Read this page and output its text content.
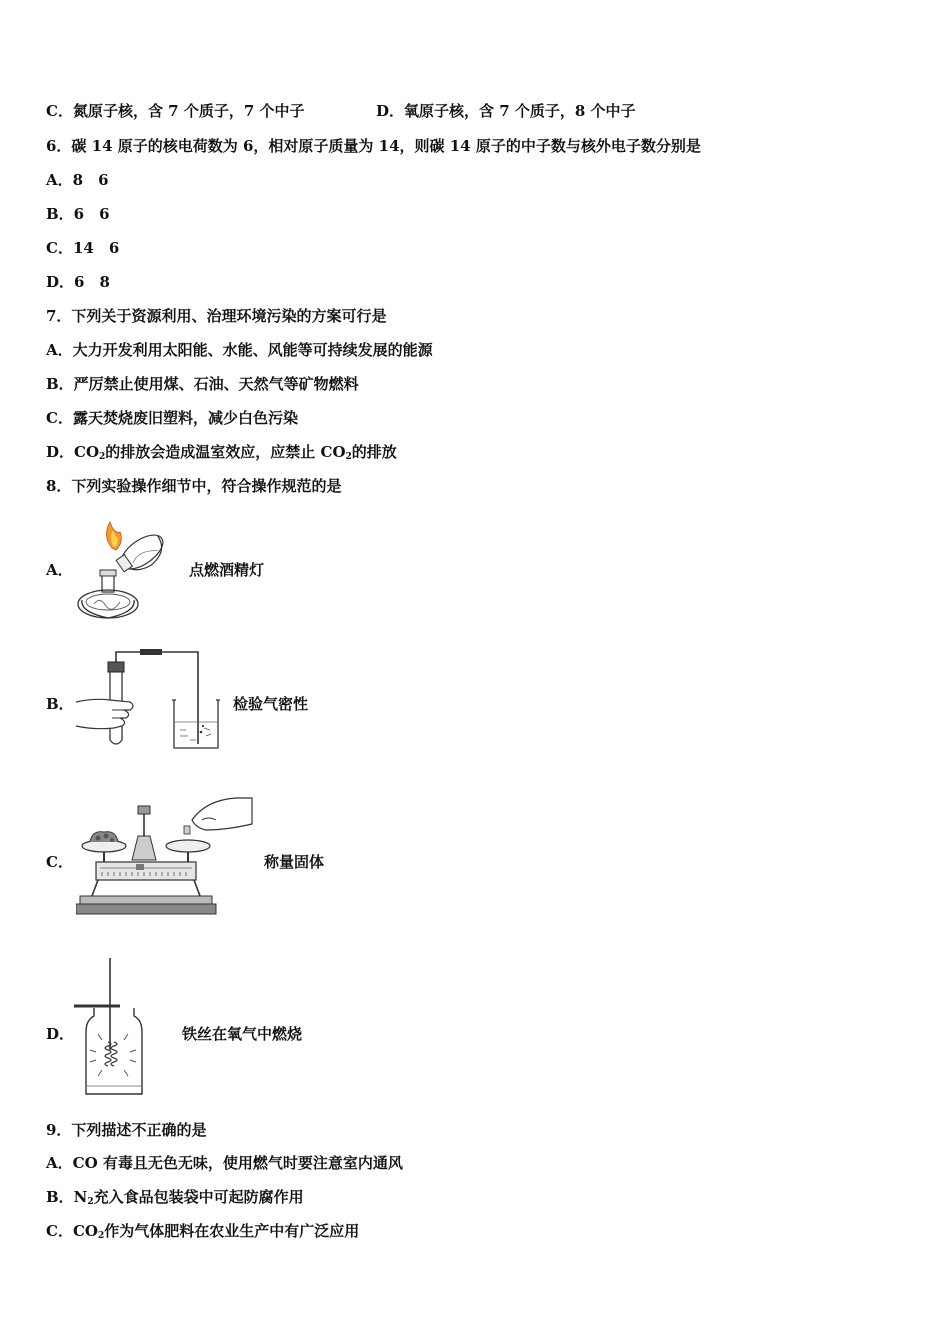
C．氮原子核，含 7 个质子，7 个中子	D．氧原子核，含 7 个质子，8 个中子
6．碳 14 原子的核电荷数为 6，相对原子质量为 14，则碳 14 原子的中子数与核外电子数分别是
A．8　6
B．6　6
C．14　6
D．6　8
7．下列关于资源利用、治理环境污染的方案可行是
A．大力开发利用太阳能、水能、风能等可持续发展的能源
B．严厉禁止使用煤、石油、天然气等矿物燃料
C．露天焚烧废旧塑料，减少白色污染
D．$CO_2$的排放会造成温室效应，应禁止 $CO_2$的排放
8．下列实验操作细节中，符合操作规范的是
A．	点燃酒精灯
B．	检验气密性
C．	称量固体
D．	铁丝在氧气中燃烧
9．下列描述不正确的是
A．CO 有毒且无色无味，使用燃气时要注意室内通风
B．$N_2$充入食品包装袋中可起防腐作用
C．$CO_2$作为气体肥料在农业生产中有广泛应用
